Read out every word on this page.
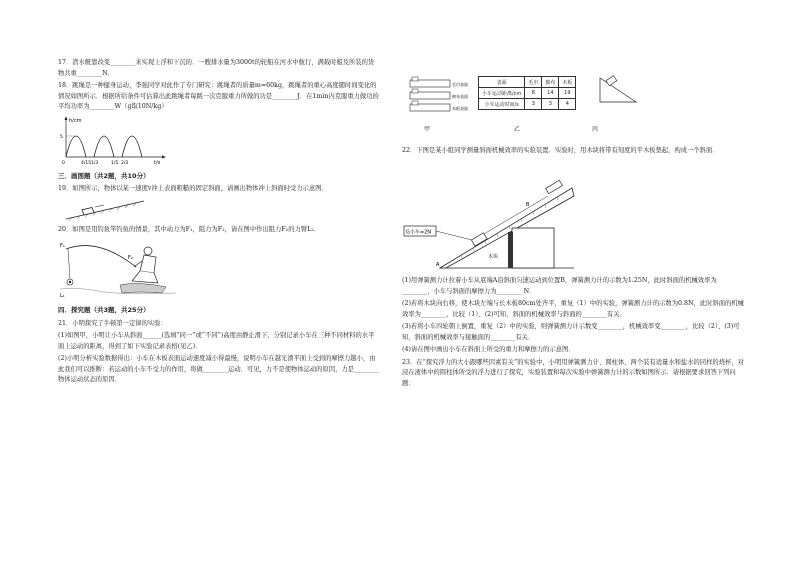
17．潜水艇靠改变________来实现上浮和下沉的．一艘排水量为3000t的轮船在河水中航行，满载时船及所装的货物共重________N．

18．跳绳是一种健身运动，李强同学对此作了专门研究：跳绳者的质量m=60kg，跳绳者的重心高度随时间变化的情况如图所示．根据所给条件可估算出此跳绳者每跳一次克服重力所做的功是________J．在1min内克服重力做功的平均功率为________W（g取10N/kg）

h/cm
t/s
5
0	4/15 1/3	1/5 2/3

三．画图题（共2题，共10分）

19．如图所示，物体以某一速度v冲上表面粗糙的固定斜面，请画出物体冲上斜面时受力示意图．

20．如图是用钓鱼竿钓鱼的情景，其中动力为F₁，阻力为F₂，请在图中作出阻力F₂的力臂L₂．

F₁
F₂
L₁

四．探究题（共3题，共25分）

21．小明探究了牛顿第一定律的实验：

(1)如图甲，小明让小车从斜面______(选填“同一”或“不同”)高度由静止滑下，分别记录小车在三种不同材料的水平面上运动的距离，得到了如下实验记录表格(见乙)．

(2)小明分析实验数据得出：小车在木板表面运动速度减小得最慢，说明小车在越光滑平面上受到的摩擦力越小，由此我们可以推断：若运动的小车不受力的作用，将做________运动．可见，力不是使物体运动的原因，力是________物体运动状态的原因．

毛巾表面
棉布表面
木板表面
表面	毛巾	棉布	木板
小车运动距离/cm	8	14	19
小车运动时间/s	3	3	4
甲	乙	丙

22．下图是某小组同学测量斜面机械效率的实验装置．实验时，用木块将带有刻度的平木板垫起，构成一个斜面．

G小车=2N
木块
A
B

(1)用弹簧测力计拉着小车从底端A沿斜面匀速运动到位置B，弹簧测力计的示数为1.25N，此时斜面的机械效率为________，小车与斜面的摩擦力为________ N．

(2)若将木块向右移，使木块左端与长木板80cm处齐平，重复（1）中的实验，弹簧测力计的示数为0.8N，此时斜面的机械效率为________，比较（1）、(2)可知，斜面的机械效率与斜面的________有关．

(3)若将小车四轮朝上倒置，重复（2）中的实验，则弹簧测力计示数变________，机械效率变________，比较（2）、(3)可知，斜面的机械效率与接触面的________有关．

(4)请在图中画出小车在斜面上所受的重力和摩擦力的示意图．

23．在“探究浮力的大小跟哪些因素有关”的实验中，小明用弹簧测力计、圆柱体、两个装有适量水和盐水的同样的烧杯，对浸在液体中的圆柱体所受的浮力进行了探究，实验装置和每次实验中弹簧测力计的示数如图所示．请根据要求回答下列问题：
